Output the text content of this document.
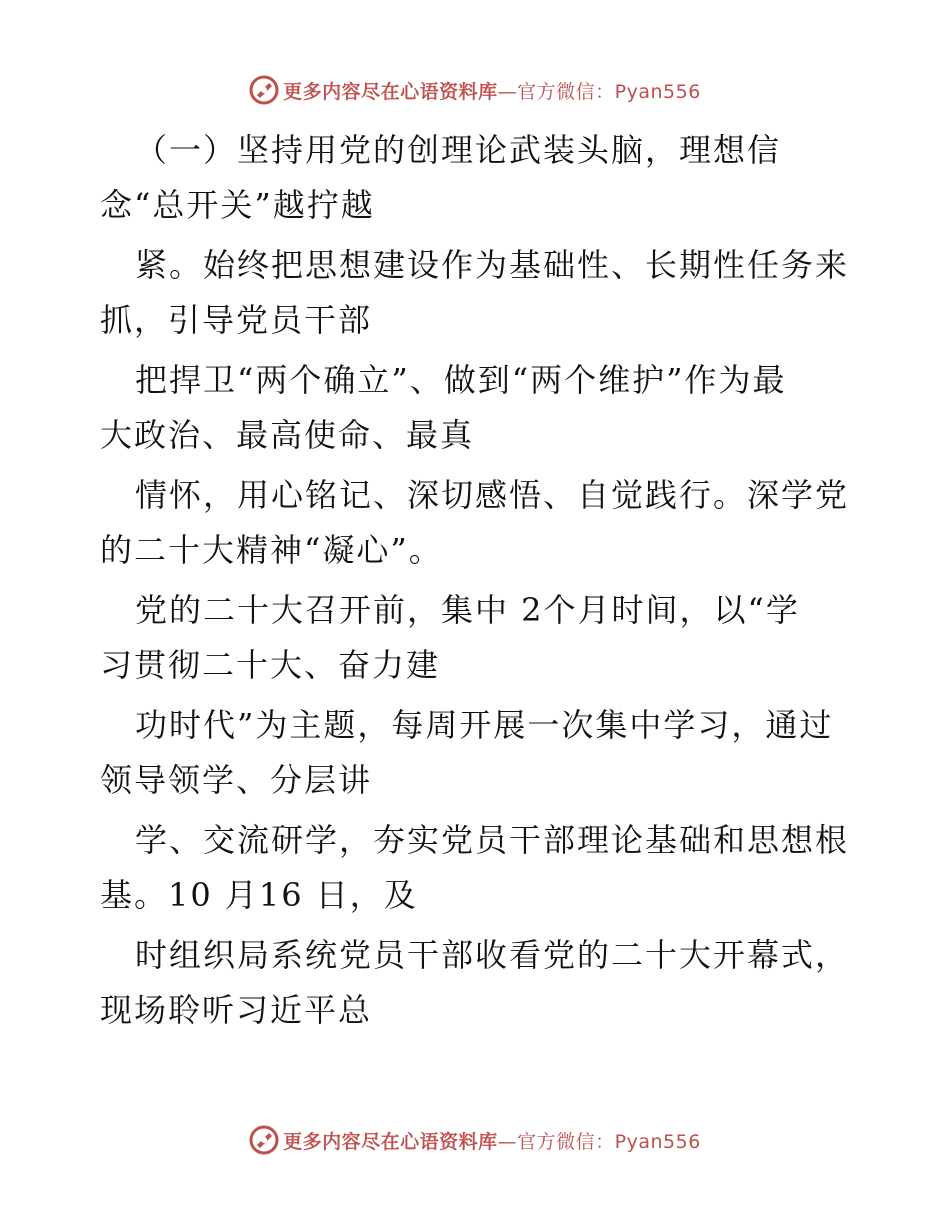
更多内容尽在心语资料库—官方微信：Pyan556
（一）坚持用党的创理论武装头脑，理想信
念“总开关”越拧越
紧。始终把思想建设作为基础性、长期性任务来
抓，引导党员干部
把捍卫“两个确立”、做到“两个维护”作为最
大政治、最高使命、最真
情怀，用心铭记、深切感悟、自觉践行。深学党
的二十大精神“凝心”。
党的二十大召开前，集中 2个月时间，以“学
习贯彻二十大、奋力建
功时代”为主题，每周开展一次集中学习，通过
领导领学、分层讲
学、交流研学，夯实党员干部理论基础和思想根
基。10 月16 日，及
时组织局系统党员干部收看党的二十大开幕式，
现场聆听习近平总
更多内容尽在心语资料库—官方微信：Pyan556
